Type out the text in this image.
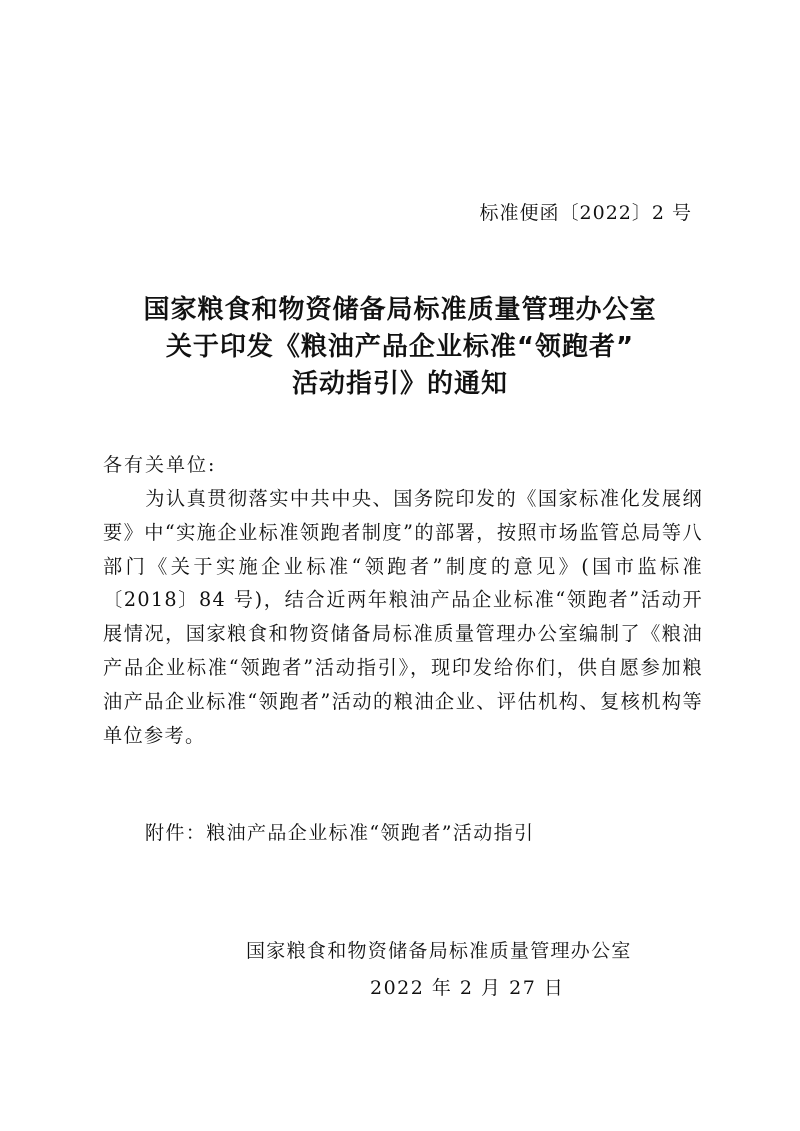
标准便函〔2022〕2 号
国家粮食和物资储备局标准质量管理办公室
关于印发《粮油产品企业标准“领跑者”
活动指引》的通知
各有关单位:

为认真贯彻落实中共中央、国务院印发的《国家标准化发展纲要》中“实施企业标准领跑者制度”的部署，按照市场监管总局等八部门《关于实施企业标准“领跑者”制度的意见》(国市监标准〔2018〕84 号)，结合近两年粮油产品企业标准“领跑者”活动开展情况，国家粮食和物资储备局标准质量管理办公室编制了《粮油产品企业标准“领跑者”活动指引》，现印发给你们，供自愿参加粮油产品企业标准“领跑者”活动的粮油企业、评估机构、复核机构等单位参考。

附件：粮油产品企业标准“领跑者”活动指引
国家粮食和物资储备局标准质量管理办公室
2022 年 2 月 27 日
